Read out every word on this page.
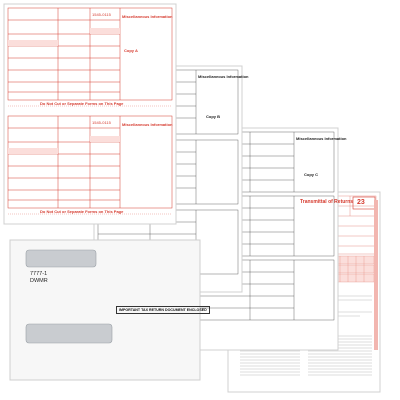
Miscellaneous Information
Copy A
1545-0115
Do Not Cut or Separate Forms on This Page
Miscellaneous Information
1545-0115
Do Not Cut or Separate Forms on This Page
Miscellaneous Information
Copy B
Miscellaneous Information
Copy C
Transmittal of Returns 23
7777-1
DWMR
IMPORTANT TAX RETURN DOCUMENT ENCLOSED
